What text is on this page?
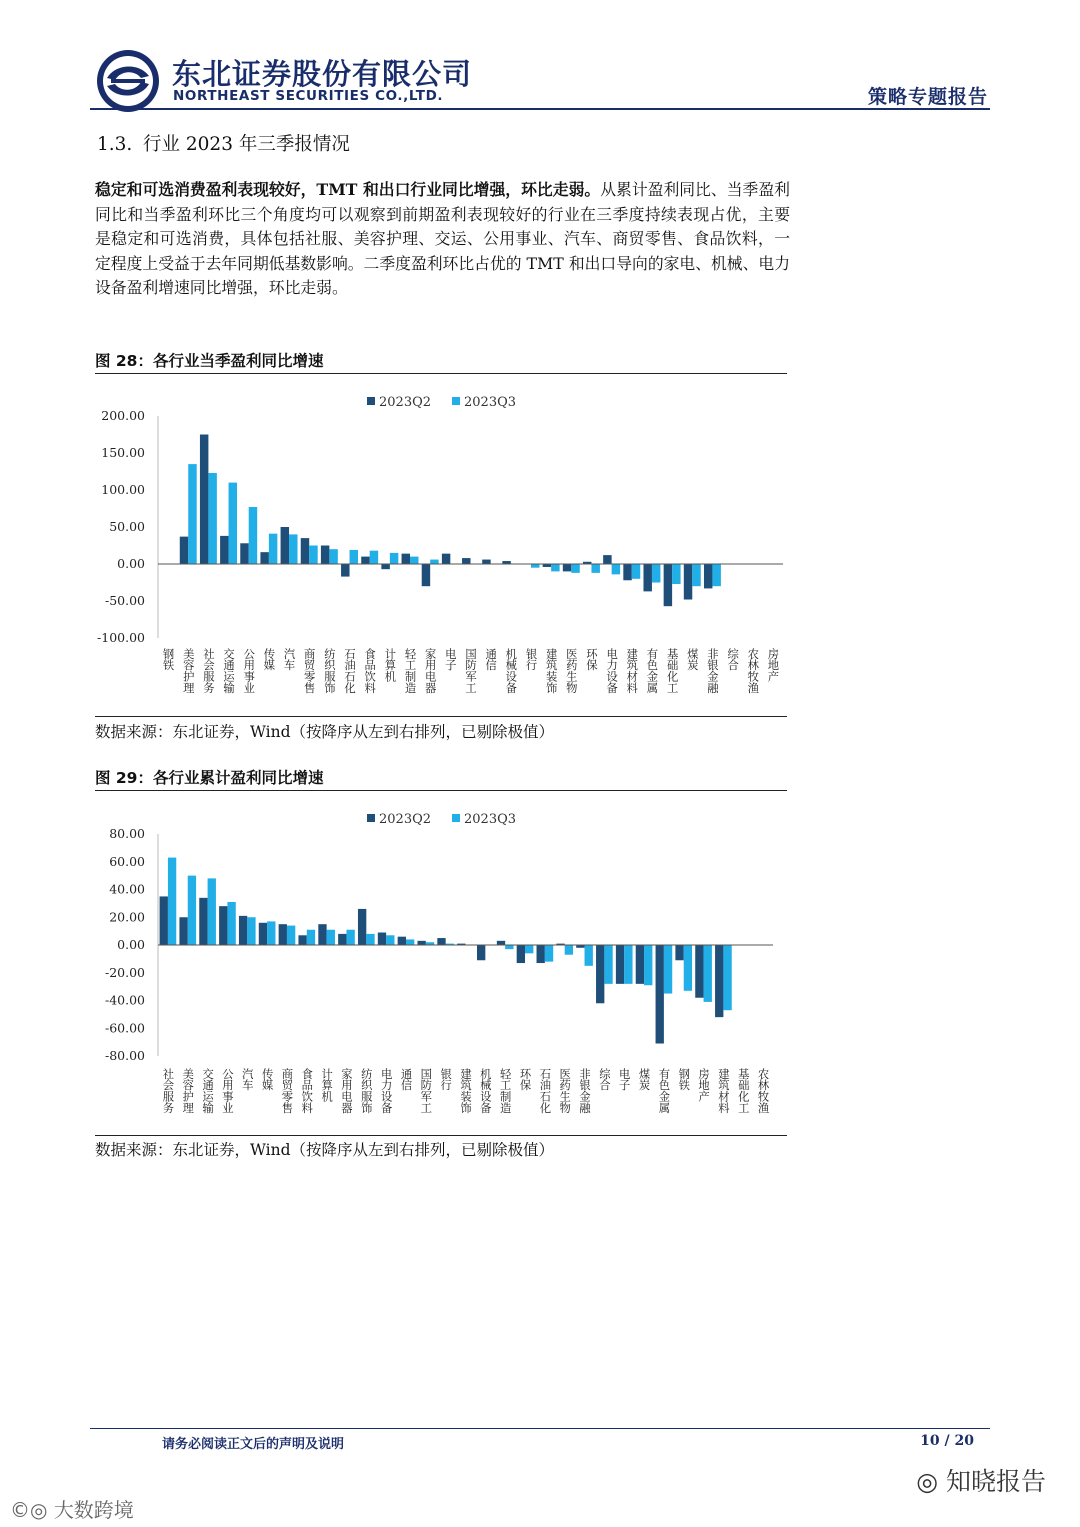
东北证券股份有限公司
NORTHEAST SECURITIES CO.,LTD.	策略专题报告
1.3. 行业 2023 年三季报情况
稳定和可选消费盈利表现较好，TMT 和出口行业同比增强，环比走弱。从累计盈利同比、当季盈利同比和当季盈利环比三个角度均可以观察到前期盈利表现较好的行业在三季度持续表现占优，主要是稳定和可选消费，具体包括社服、美容护理、交运、公用事业、汽车、商贸零售、食品饮料，一定程度上受益于去年同期低基数影响。二季度盈利环比占优的 TMT 和出口导向的家电、机械、电力设备盈利增速同比增强，环比走弱。
图 28：各行业当季盈利同比增速
2023Q2	2023Q3
200.00
150.00
100.00
50.00
0.00
-50.00
-100.00
钢铁 美容护理 社会服务 交通运输 公用事业 传媒 汽车 商贸零售 纺织服饰 石油石化 食品饮料 计算机 轻工制造 家用电器 电子 国防军工 通信 机械设备 银行 建筑装饰 医药生物 环保 电力设备 建筑材料 有色金属 基础化工 煤炭 非银金融 综合 农林牧渔 房地产
数据来源：东北证券，Wind（按降序从左到右排列，已剔除极值）
图 29：各行业累计盈利同比增速
2023Q2	2023Q3
80.00
60.00
40.00
20.00
0.00
-20.00
-40.00
-60.00
-80.00
社会服务 美容护理 交通运输 公用事业 汽车 传媒 商贸零售 食品饮料 计算机 家用电器 纺织服饰 电力设备 通信 国防军工 银行 建筑装饰 机械设备 轻工制造 环保 石油石化 医药生物 非银金融 综合 电子 煤炭 有色金属 钢铁 房地产 建筑材料 基础化工 农林牧渔
数据来源：东北证券，Wind（按降序从左到右排列，已剔除极值）
请务必阅读正文后的声明及说明	10 / 20
◎ 知晓报告
©◎ 大数跨境
